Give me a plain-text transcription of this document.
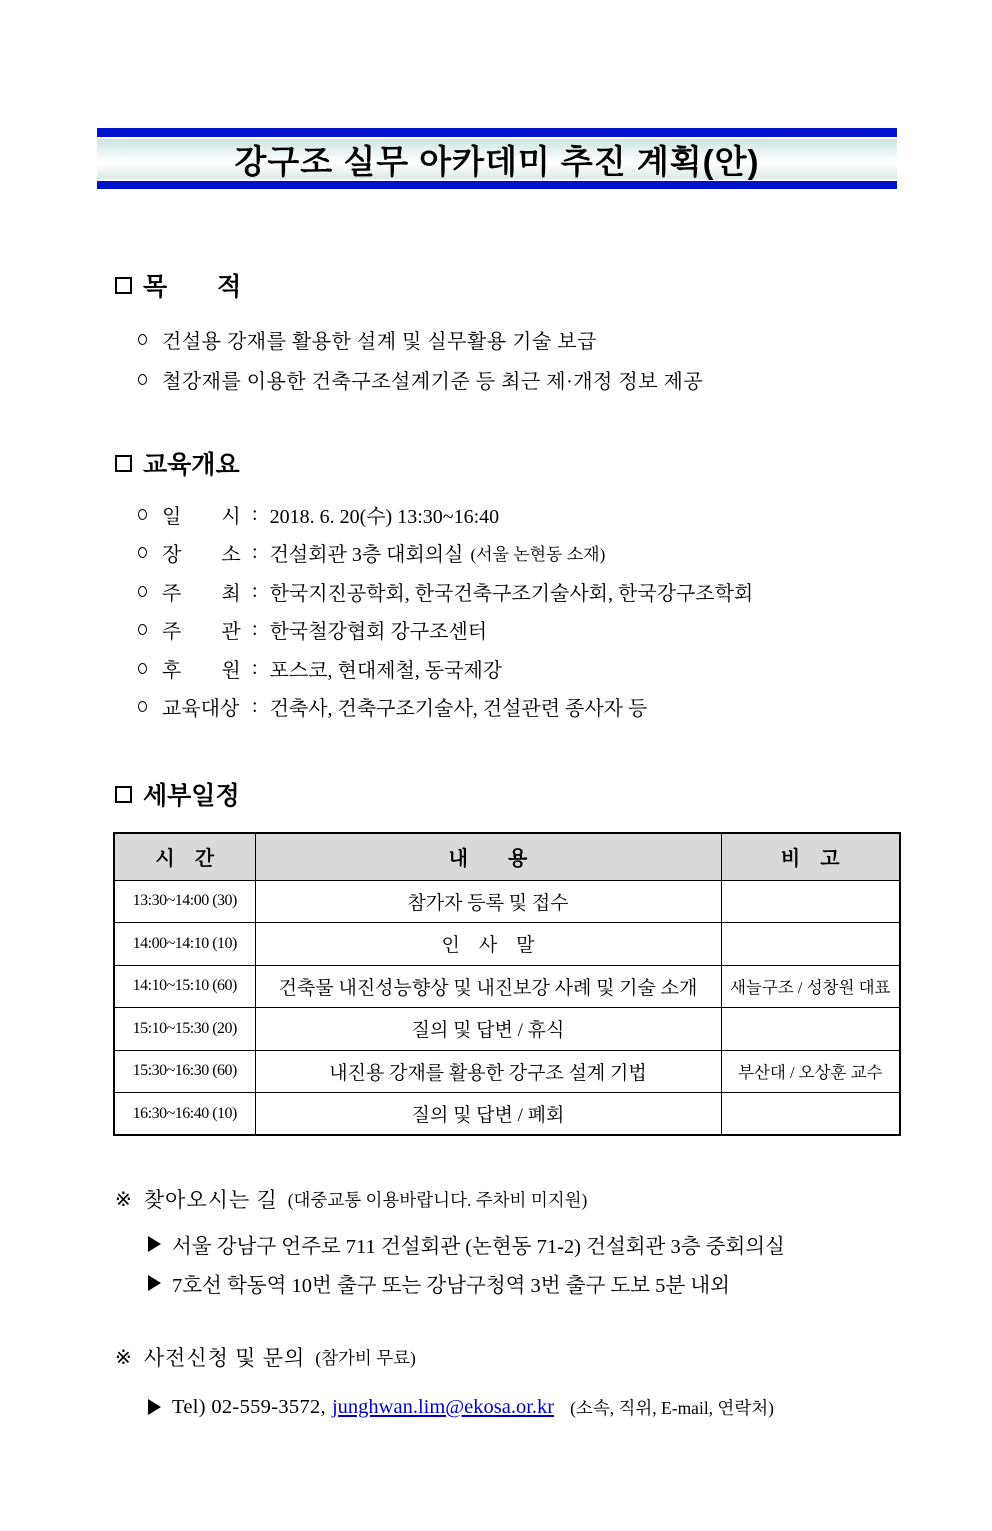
강구조 실무 아카데미 추진 계획(안)
목  적
건설용 강재를 활용한 설계 및 실무활용 기술 보급
철강재를 이용한 건축구조설계기준 등 최근 제·개정 정보 제공
교육개요
일  시 : 2018. 6. 20(수) 13:30~16:40
장  소 : 건설회관 3층 대회의실 (서울 논현동 소재)
주  최 : 한국지진공학회, 한국건축구조기술사회, 한국강구조학회
주  관 : 한국철강협회 강구조센터
후  원 : 포스코, 현대제철, 동국제강
교육대상 : 건축사, 건축구조기술사, 건설관련 종사자 등
세부일정
시 간	내  용	비 고
13:30~14:00 (30)	참가자 등록 및 접수	
14:00~14:10 (10)	인 사 말	
14:10~15:10 (60)	건축물 내진성능향상 및 내진보강 사례 및 기술 소개	새늘구조 / 성창원 대표
15:10~15:30 (20)	질의 및 답변 / 휴식	
15:30~16:30 (60)	내진용 강재를 활용한 강구조 설계 기법	부산대 / 오상훈 교수
16:30~16:40 (10)	질의 및 답변 / 폐회	
※ 찾아오시는 길 (대중교통 이용바랍니다. 주차비 미지원)
서울 강남구 언주로 711 건설회관 (논현동 71-2) 건설회관 3층 중회의실
7호선 학동역 10번 출구 또는 강남구청역 3번 출구 도보 5분 내외
※ 사전신청 및 문의 (참가비 무료)
Tel) 02-559-3572, junghwan.lim@ekosa.or.kr (소속, 직위, E-mail, 연락처)
